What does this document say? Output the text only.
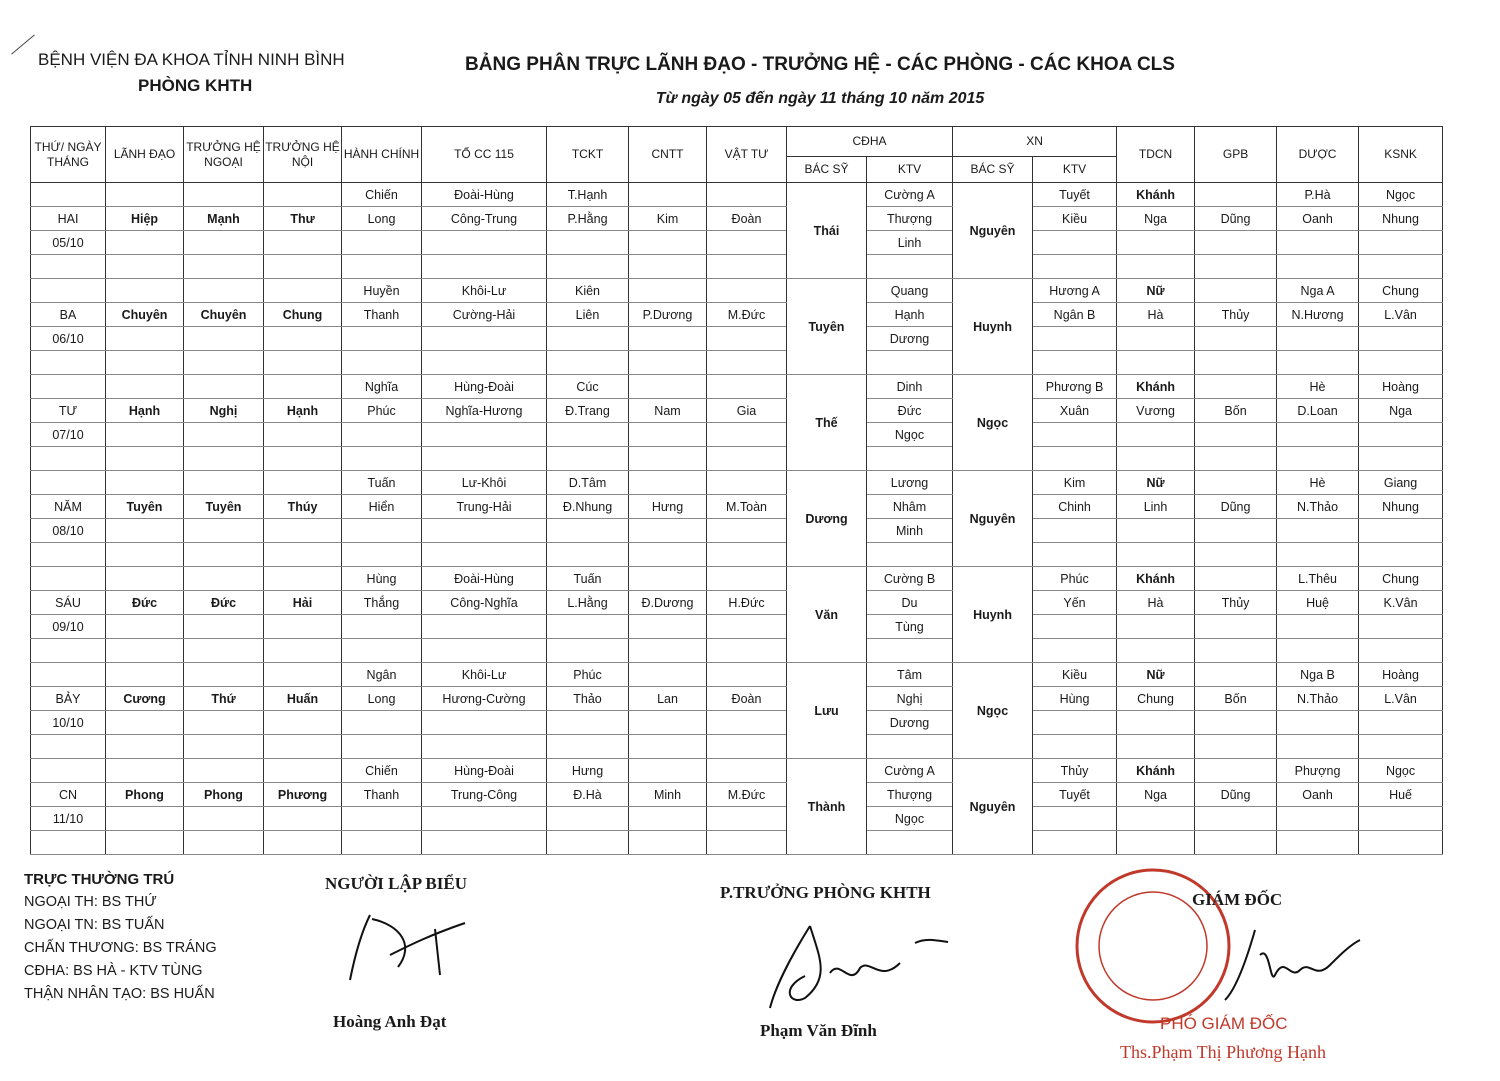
BỆNH VIỆN ĐA KHOA TỈNH NINH BÌNH
PHÒNG KHTH
BẢNG PHÂN TRỰC LÃNH ĐẠO - TRƯỞNG HỆ - CÁC PHÒNG - CÁC KHOA CLS
Từ ngày 05 đến ngày 11 tháng 10 năm 2015
THỨ/ NGÀY THÁNG	LÃNH ĐẠO	TRƯỞNG HỆ NGOẠI	TRƯỞNG HỆ NỘI	HÀNH CHÍNH	TỔ CC 115	TCKT	CNTT	VẬT TƯ	CĐHA		XN		TDCN	GPB	DƯỢC	KSNK
									BÁC SỸ	KTV	BÁC SỸ	KTV				
				Chiến	Đoài-Hùng	T.Hạnh			Thái	Cường A	Nguyên	Tuyết	Khánh		P.Hà	Ngọc
HAI	Hiệp	Mạnh	Thư	Long	Công-Trung	P.Hằng	Kim	Đoàn		Thượng		Kiều	Nga	Dũng	Oanh	Nhung
05/10										Linh						

				Huyền	Khôi-Lư	Kiên			Tuyên	Quang	Huynh	Hương A	Nữ		Nga A	Chung
BA	Chuyên	Chuyên	Chung	Thanh	Cường-Hải	Liên	P.Dương	M.Đức		Hạnh		Ngân B	Hà	Thủy	N.Hương	L.Vân
06/10										Dương						

				Nghĩa	Hùng-Đoài	Cúc			Thế	Dinh	Ngọc	Phương B	Khánh		Hè	Hoàng
TƯ	Hạnh	Nghị	Hạnh	Phúc	Nghĩa-Hương	Đ.Trang	Nam	Gia		Đức		Xuân	Vương	Bốn	D.Loan	Nga
07/10										Ngọc						

				Tuấn	Lư-Khôi	D.Tâm			Dương	Lương	Nguyên	Kim	Nữ		Hè	Giang
NĂM	Tuyên	Tuyên	Thúy	Hiển	Trung-Hải	Đ.Nhung	Hưng	M.Toàn		Nhâm		Chinh	Linh	Dũng	N.Thảo	Nhung
08/10										Minh						

				Hùng	Đoài-Hùng	Tuấn			Văn	Cường B	Huynh	Phúc	Khánh		L.Thêu	Chung
SÁU	Đức	Đức	Hải	Thắng	Công-Nghĩa	L.Hằng	Đ.Dương	H.Đức		Du		Yến	Hà	Thủy	Huệ	K.Vân
09/10										Tùng						

				Ngân	Khôi-Lư	Phúc			Lưu	Tâm	Ngọc	Kiều	Nữ		Nga B	Hoàng
BẢY	Cương	Thứ	Huấn	Long	Hương-Cường	Thảo	Lan	Đoàn		Nghị		Hùng	Chung	Bốn	N.Thảo	L.Vân
10/10										Dương						

				Chiến	Hùng-Đoài	Hưng			Thành	Cường A	Nguyên	Thủy	Khánh		Phượng	Ngọc
CN	Phong	Phong	Phương	Thanh	Trung-Công	Đ.Hà	Minh	M.Đức		Thượng		Tuyết	Nga	Dũng	Oanh	Huế
11/10										Ngọc						

TRỰC THƯỜNG TRÚ
NGOẠI TH: BS THỨ
NGOẠI TN: BS TUẤN
CHẤN THƯƠNG: BS TRÁNG
CĐHA: BS HÀ - KTV TÙNG
THẬN NHÂN TẠO: BS HUẤN
NGƯỜI LẬP BIỂU
Hoàng Anh Đạt
P.TRƯỞNG PHÒNG KHTH
Phạm Văn Đĩnh
GIÁM ĐỐC
PHÓ GIÁM ĐỐC
Ths.Phạm Thị Phương Hạnh
